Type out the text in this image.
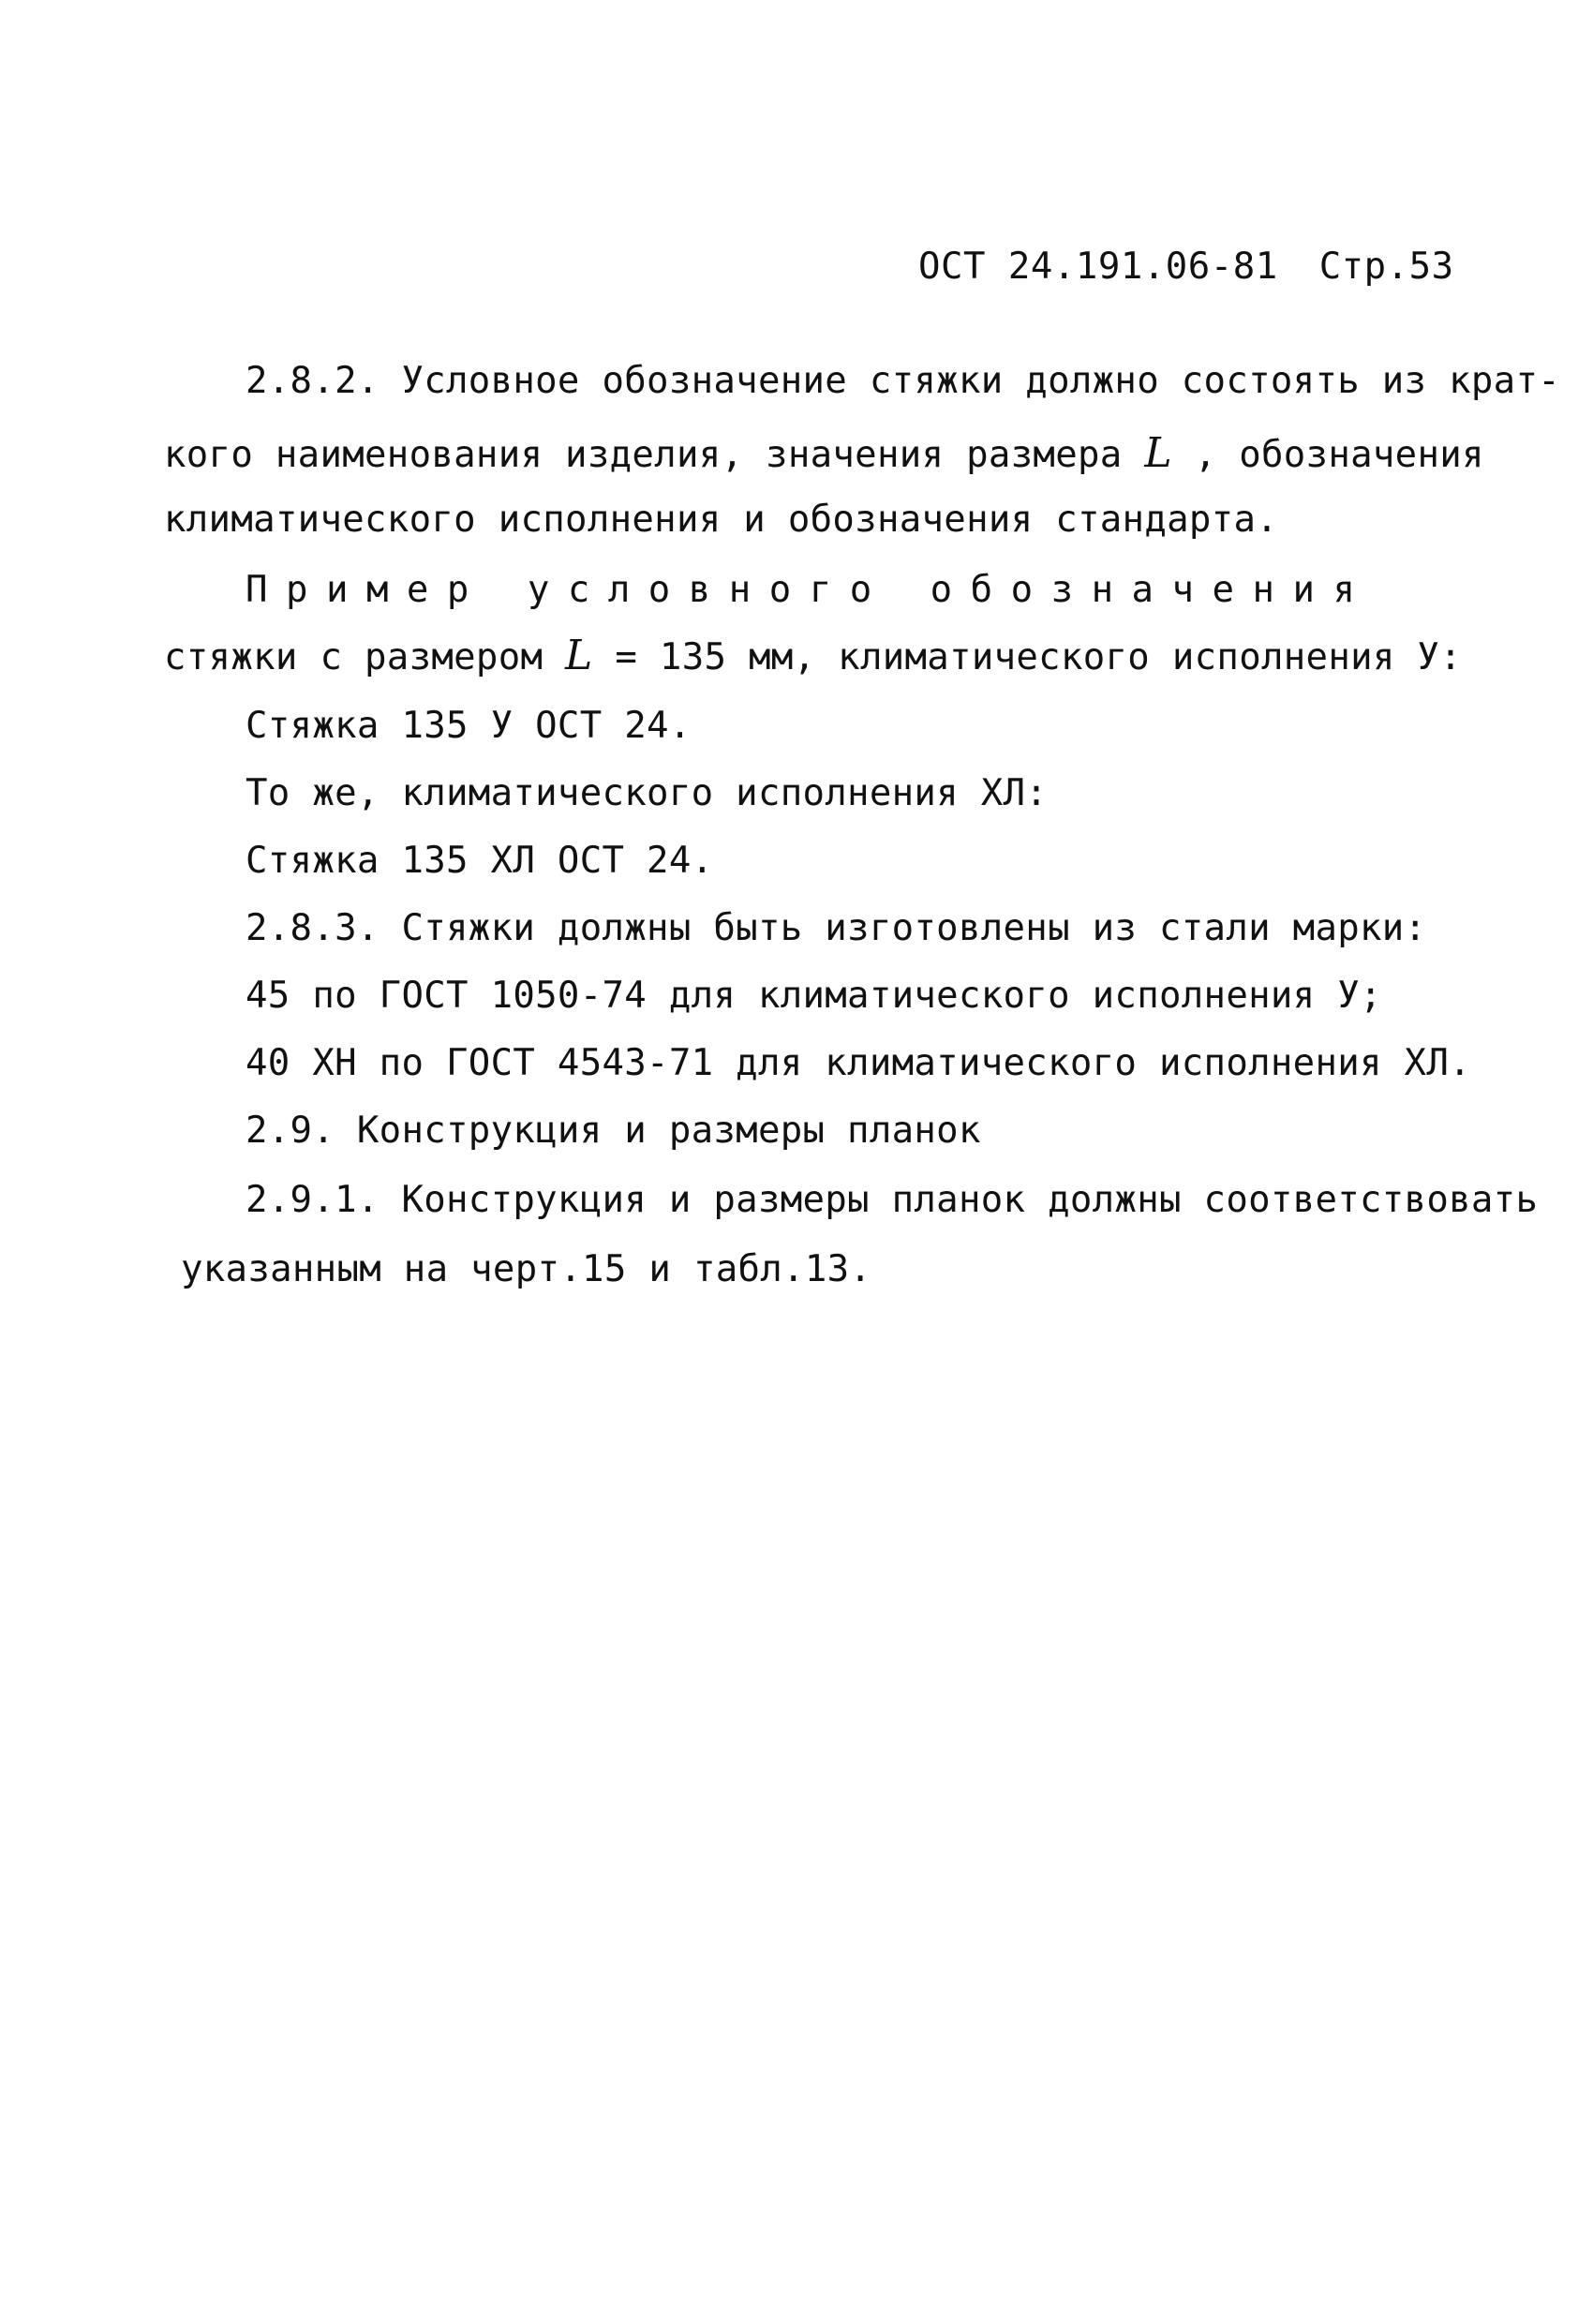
ОСТ 24.191.06-81 Стр.53
2.8.2. Условное обозначение стяжки должно состоять из крат-
кого наименования изделия, значения размера L , обозначения
климатического исполнения и обозначения стандарта.
Пример условного обозначения
стяжки с размером L = 135 мм, климатического исполнения У:
Стяжка 135 У ОСТ 24.
То же, климатического исполнения ХЛ:
Стяжка 135 ХЛ ОСТ 24.
2.8.3. Стяжки должны быть изготовлены из стали марки:
45 по ГОСТ 1050-74 для климатического исполнения У;
40 ХН по ГОСТ 4543-71 для климатического исполнения ХЛ.
2.9. Конструкция и размеры планок
2.9.1. Конструкция и размеры планок должны соответствовать
указанным на черт.15 и табл.13.
